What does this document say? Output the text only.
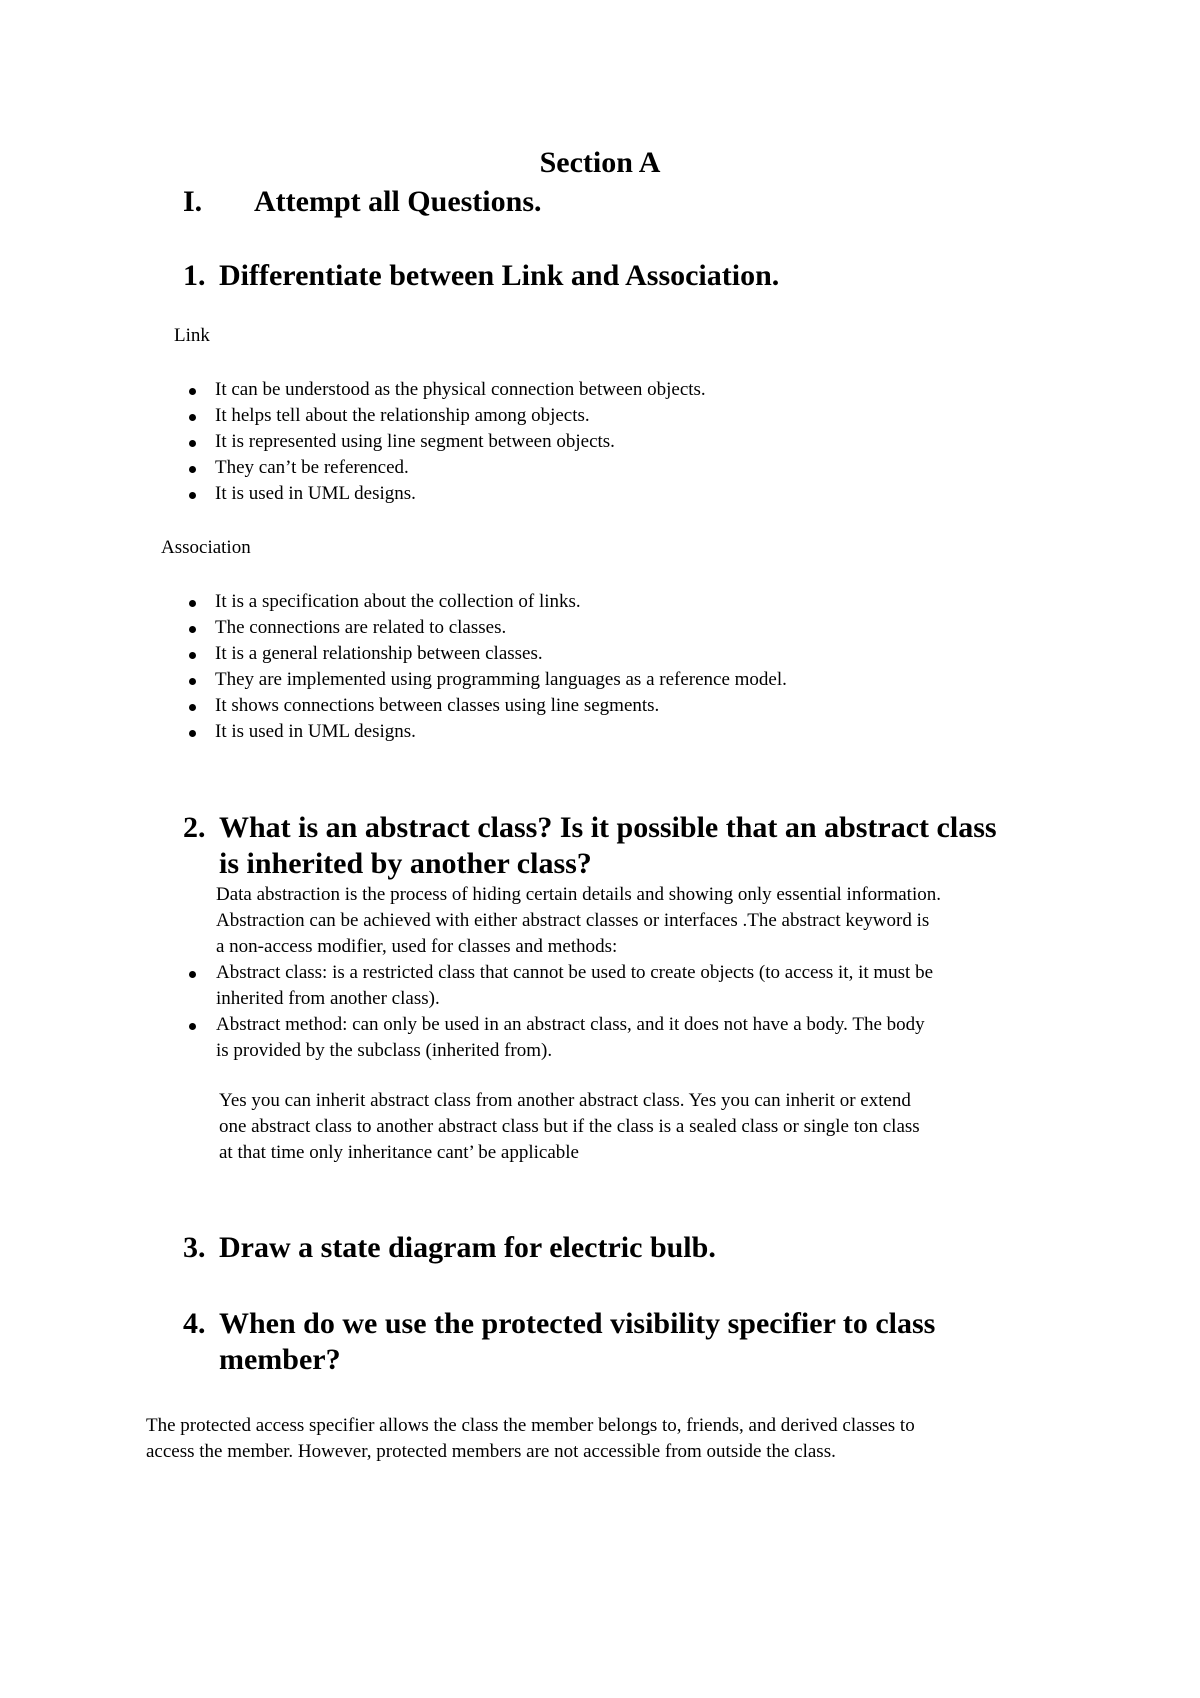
Section A
I. Attempt all Questions.
1. Differentiate between Link and Association.
Link
It can be understood as the physical connection between objects.
It helps tell about the relationship among objects.
It is represented using line segment between objects.
They can’t be referenced.
It is used in UML designs.
Association
It is a specification about the collection of links.
The connections are related to classes.
It is a general relationship between classes.
They are implemented using programming languages as a reference model.
It shows connections between classes using line segments.
It is used in UML designs.
2. What is an abstract class? Is it possible that an abstract class
is inherited by another class?
Data abstraction is the process of hiding certain details and showing only essential information.
Abstraction can be achieved with either abstract classes or interfaces .The abstract keyword is
a non-access modifier, used for classes and methods:
Abstract class: is a restricted class that cannot be used to create objects (to access it, it must be
inherited from another class).
Abstract method: can only be used in an abstract class, and it does not have a body. The body
is provided by the subclass (inherited from).
Yes you can inherit abstract class from another abstract class. Yes you can inherit or extend
one abstract class to another abstract class but if the class is a sealed class or single ton class
at that time only inheritance cant’ be applicable
3. Draw a state diagram for electric bulb.
4. When do we use the protected visibility specifier to class
member?
The protected access specifier allows the class the member belongs to, friends, and derived classes to
access the member. However, protected members are not accessible from outside the class.
